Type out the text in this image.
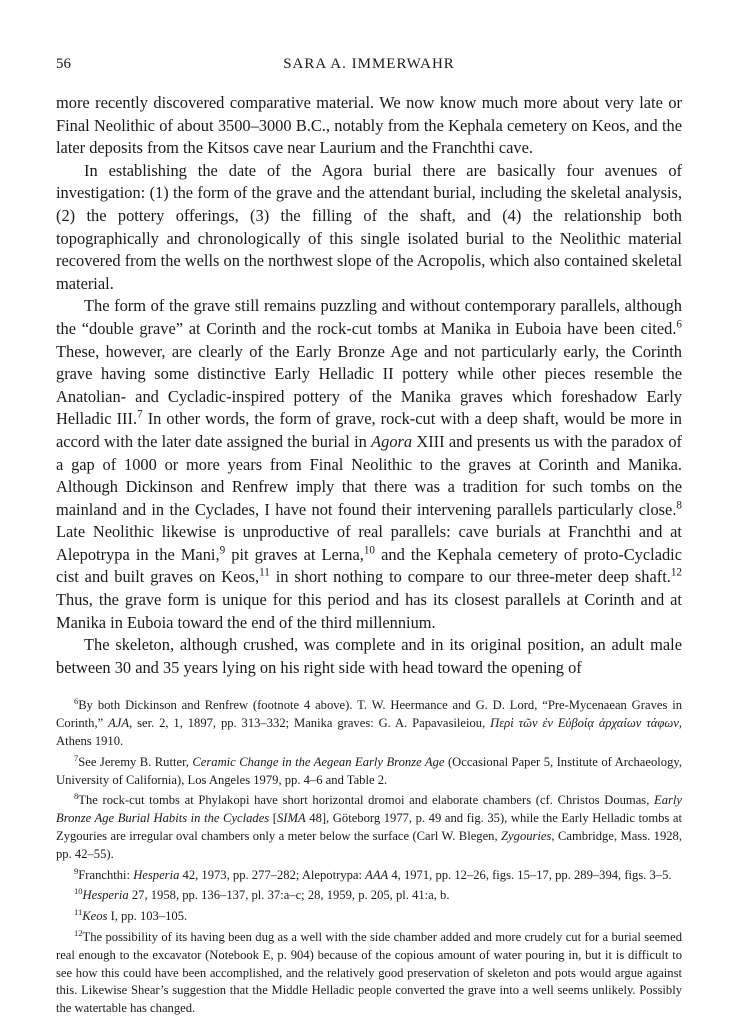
56	SARA A. IMMERWAHR

more recently discovered comparative material. We now know much more about very late or Final Neolithic of about 3500–3000 B.C., notably from the Kephala cemetery on Keos, and the later deposits from the Kitsos cave near Laurium and the Franchthi cave.

In establishing the date of the Agora burial there are basically four avenues of investigation: (1) the form of the grave and the attendant burial, including the skeletal analysis, (2) the pottery offerings, (3) the filling of the shaft, and (4) the relationship both topographically and chronologically of this single isolated burial to the Neolithic material recovered from the wells on the northwest slope of the Acropolis, which also contained skeletal material.

The form of the grave still remains puzzling and without contemporary parallels, although the “double grave” at Corinth and the rock-cut tombs at Manika in Euboia have been cited.$^6$ These, however, are clearly of the Early Bronze Age and not particularly early, the Corinth grave having some distinctive Early Helladic II pottery while other pieces resemble the Anatolian- and Cycladic-inspired pottery of the Manika graves which foreshadow Early Helladic III.$^7$ In other words, the form of grave, rock-cut with a deep shaft, would be more in accord with the later date assigned the burial in Agora XIII and presents us with the paradox of a gap of 1000 or more years from Final Neolithic to the graves at Corinth and Manika. Although Dickinson and Renfrew imply that there was a tradition for such tombs on the mainland and in the Cyclades, I have not found their intervening parallels particularly close.$^8$ Late Neolithic likewise is unproductive of real parallels: cave burials at Franchthi and at Alepotrypa in the Mani,$^9$ pit graves at Lerna,$^{10}$ and the Kephala cemetery of proto-Cycladic cist and built graves on Keos,$^{11}$ in short nothing to compare to our three-meter deep shaft.$^{12}$ Thus, the grave form is unique for this period and has its closest parallels at Corinth and at Manika in Euboia toward the end of the third millennium.

The skeleton, although crushed, was complete and in its original position, an adult male between 30 and 35 years lying on his right side with head toward the opening of

$^6$By both Dickinson and Renfrew (footnote 4 above). T. W. Heermance and G. D. Lord, “Pre-Mycenaean Graves in Corinth,” AJA, ser. 2, 1, 1897, pp. 313–332; Manika graves: G. A. Papavasileiou, Περὶ τῶν ἐν Εὐβοίᾳ ἀρχαίων τάφων, Athens 1910.

$^7$See Jeremy B. Rutter, Ceramic Change in the Aegean Early Bronze Age (Occasional Paper 5, Institute of Archaeology, University of California), Los Angeles 1979, pp. 4–6 and Table 2.

$^8$The rock-cut tombs at Phylakopi have short horizontal dromoi and elaborate chambers (cf. Christos Doumas, Early Bronze Age Burial Habits in the Cyclades [SIMA 48], Göteborg 1977, p. 49 and fig. 35), while the Early Helladic tombs at Zygouries are irregular oval chambers only a meter below the surface (Carl W. Blegen, Zygouries, Cambridge, Mass. 1928, pp. 42–55).

$^9$Franchthi: Hesperia 42, 1973, pp. 277–282; Alepotrypa: AAA 4, 1971, pp. 12–26, figs. 15–17, pp. 289–394, figs. 3–5.

$^{10}$Hesperia 27, 1958, pp. 136–137, pl. 37:a–c; 28, 1959, p. 205, pl. 41:a, b.

$^{11}$Keos I, pp. 103–105.

$^{12}$The possibility of its having been dug as a well with the side chamber added and more crudely cut for a burial seemed real enough to the excavator (Notebook E, p. 904) because of the copious amount of water pouring in, but it is difficult to see how this could have been accomplished, and the relatively good preservation of skeleton and pots would argue against this. Likewise Shear’s suggestion that the Middle Helladic people converted the grave into a well seems unlikely. Possibly the watertable has changed.
